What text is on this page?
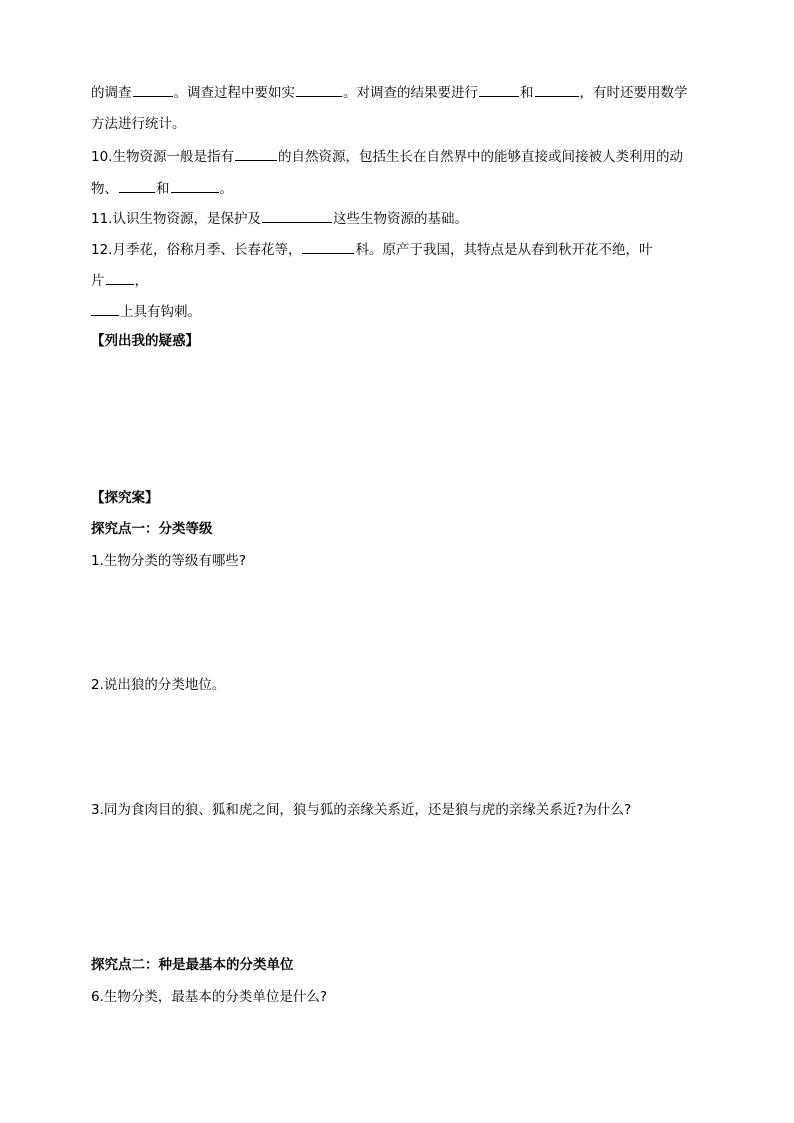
的调查	。调查过程中要如实	。对调查的结果要进行	和	，有时还要用数学
方法进行统计。
10.生物资源一般是指有	的自然资源，包括生长在自然界中的能够直接或间接被人类利用的动
物、	和	。
11.认识生物资源，是保护及	这些生物资源的基础。
12.月季花，俗称月季、长春花等，	科。原产于我国，其特点是从春到秋开花不绝，叶
片 ，
上具有钩刺。
【列出我的疑惑】
【探究案】
探究点一：分类等级
1.生物分类的等级有哪些?
2.说出狼的分类地位。
3.同为食肉目的狼、狐和虎之间，狼与狐的亲缘关系近，还是狼与虎的亲缘关系近?为什么?
探究点二：种是最基本的分类单位
6.生物分类，最基本的分类单位是什么?
